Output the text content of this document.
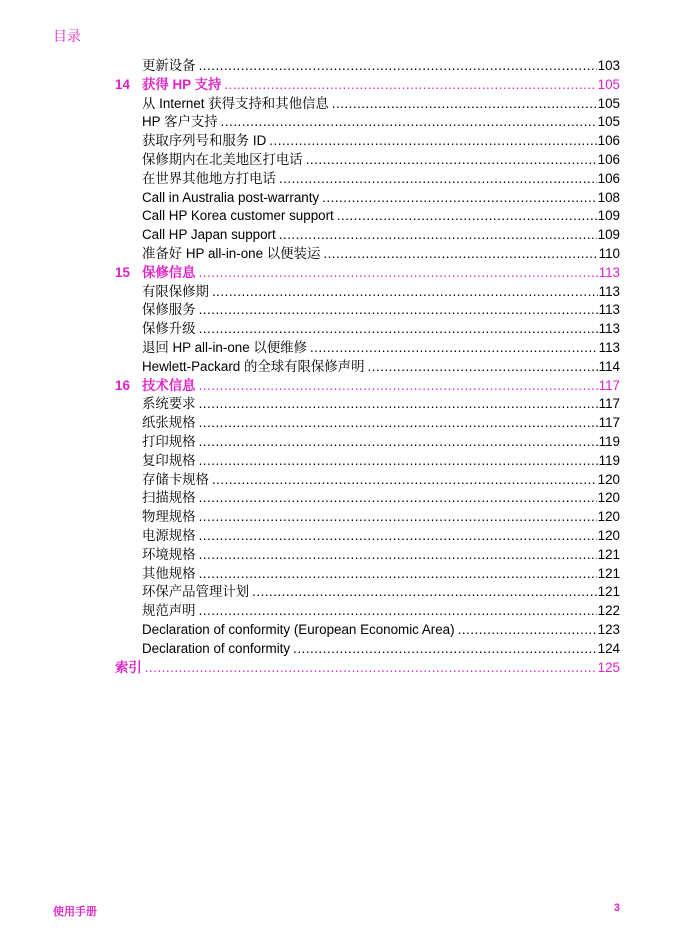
目录
更新设备 .....	103
14 获得 HP 支持 .....	105
从 Internet 获得支持和其他信息 .....	105
HP 客户支持 .....	105
获取序列号和服务 ID .....	106
保修期内在北美地区打电话 .....	106
在世界其他地方打电话 .....	106
Call in Australia post-warranty .....	108
Call HP Korea customer support .....	109
Call HP Japan support .....	109
准备好 HP all-in-one 以便装运 .....	110
15 保修信息 .....	113
有限保修期 .....	113
保修服务 .....	113
保修升级 .....	113
退回 HP all-in-one 以便维修 .....	113
Hewlett-Packard 的全球有限保修声明 .....	114
16 技术信息 .....	117
系统要求 .....	117
纸张规格 .....	117
打印规格 .....	119
复印规格 .....	119
存储卡规格 .....	120
扫描规格 .....	120
物理规格 .....	120
电源规格 .....	120
环境规格 .....	121
其他规格 .....	121
环保产品管理计划 .....	121
规范声明 .....	122
Declaration of conformity (European Economic Area) .....	123
Declaration of conformity .....	124
索引 .....	125
使用手册	3
